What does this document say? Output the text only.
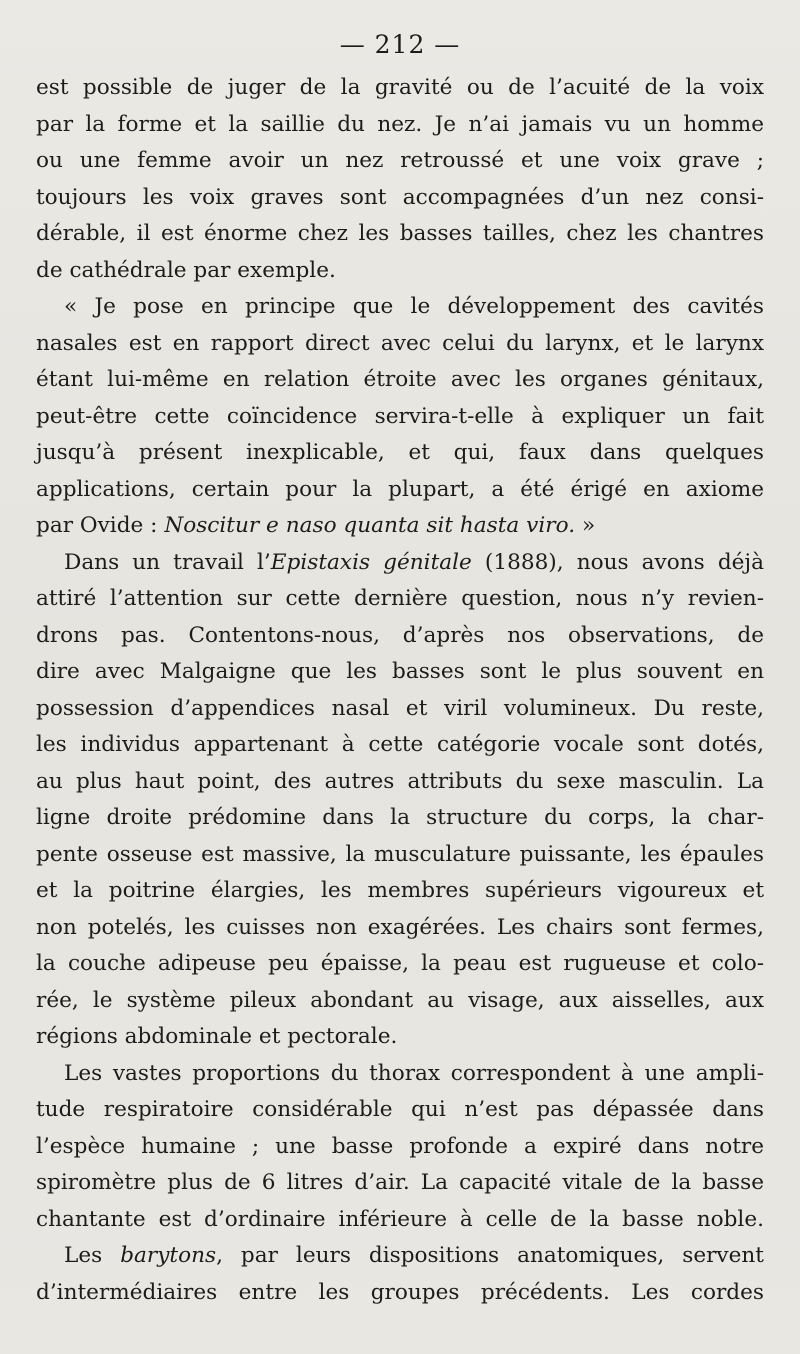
— 212 —
est possible de juger de la gravité ou de l’acuité de la voix
par la forme et la saillie du nez. Je n’ai jamais vu un homme
ou une femme avoir un nez retroussé et une voix grave ;
toujours les voix graves sont accompagnées d’un nez consi-
dérable, il est énorme chez les basses tailles, chez les chantres
de cathédrale par exemple.
« Je pose en principe que le développement des cavités
nasales est en rapport direct avec celui du larynx, et le larynx
étant lui-même en relation étroite avec les organes génitaux,
peut-être cette coïncidence servira-t-elle à expliquer un fait
jusqu’à présent inexplicable, et qui, faux dans quelques
applications, certain pour la plupart, a été érigé en axiome
par Ovide : Noscitur e naso quanta sit hasta viro. »
Dans un travail l’Epistaxis génitale (1888), nous avons déjà
attiré l’attention sur cette dernière question, nous n’y revien-
drons pas. Contentons-nous, d’après nos observations, de
dire avec Malgaigne que les basses sont le plus souvent en
possession d’appendices nasal et viril volumineux. Du reste,
les individus appartenant à cette catégorie vocale sont dotés,
au plus haut point, des autres attributs du sexe masculin. La
ligne droite prédomine dans la structure du corps, la char-
pente osseuse est massive, la musculature puissante, les épaules
et la poitrine élargies, les membres supérieurs vigoureux et
non potelés, les cuisses non exagérées. Les chairs sont fermes,
la couche adipeuse peu épaisse, la peau est rugueuse et colo-
rée, le système pileux abondant au visage, aux aisselles, aux
régions abdominale et pectorale.
Les vastes proportions du thorax correspondent à une ampli-
tude respiratoire considérable qui n’est pas dépassée dans
l’espèce humaine ; une basse profonde a expiré dans notre
spiromètre plus de 6 litres d’air. La capacité vitale de la basse
chantante est d’ordinaire inférieure à celle de la basse noble.
Les barytons, par leurs dispositions anatomiques, servent
d’intermédiaires entre les groupes précédents. Les cordes
